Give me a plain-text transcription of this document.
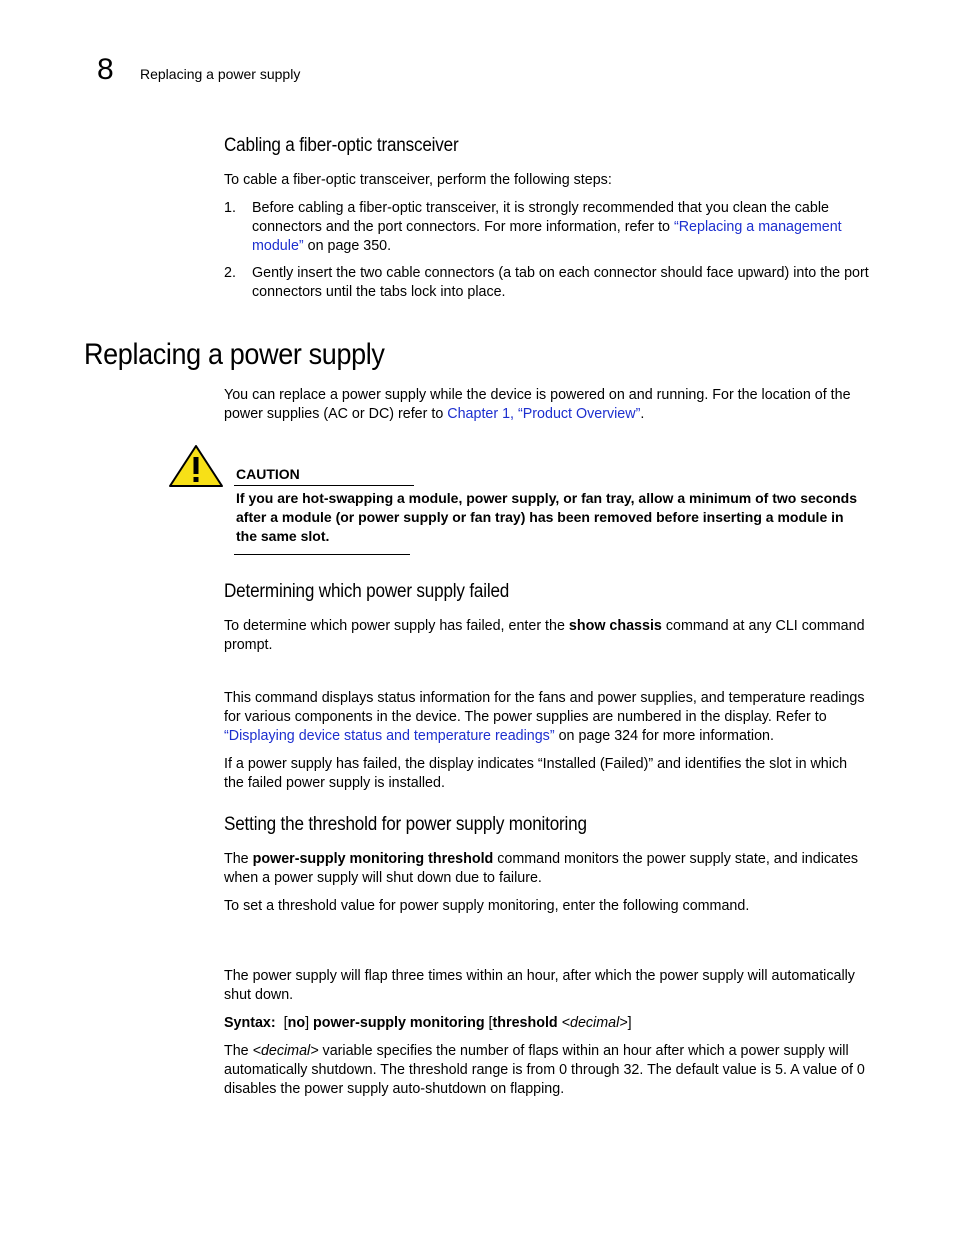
8 Replacing a power supply
Cabling a fiber-optic transceiver
To cable a fiber-optic transceiver, perform the following steps:
1. Before cabling a fiber-optic transceiver, it is strongly recommended that you clean the cable connectors and the port connectors. For more information, refer to “Replacing a management module” on page 350.
2. Gently insert the two cable connectors (a tab on each connector should face upward) into the port connectors until the tabs lock into place.
Replacing a power supply
You can replace a power supply while the device is powered on and running. For the location of the power supplies (AC or DC) refer to Chapter 1, “Product Overview”.
CAUTION
If you are hot-swapping a module, power supply, or fan tray, allow a minimum of two seconds after a module (or power supply or fan tray) has been removed before inserting a module in the same slot.
Determining which power supply failed
To determine which power supply has failed, enter the show chassis command at any CLI command prompt.
This command displays status information for the fans and power supplies, and temperature readings for various components in the device. The power supplies are numbered in the display. Refer to “Displaying device status and temperature readings” on page 324 for more information.
If a power supply has failed, the display indicates “Installed (Failed)” and identifies the slot in which the failed power supply is installed.
Setting the threshold for power supply monitoring
The power-supply monitoring threshold command monitors the power supply state, and indicates when a power supply will shut down due to failure.
To set a threshold value for power supply monitoring, enter the following command.
The power supply will flap three times within an hour, after which the power supply will automatically shut down.
Syntax: [no] power-supply monitoring [threshold <decimal>]
The <decimal> variable specifies the number of flaps within an hour after which a power supply will automatically shutdown. The threshold range is from 0 through 32. The default value is 5. A value of 0 disables the power supply auto-shutdown on flapping.
